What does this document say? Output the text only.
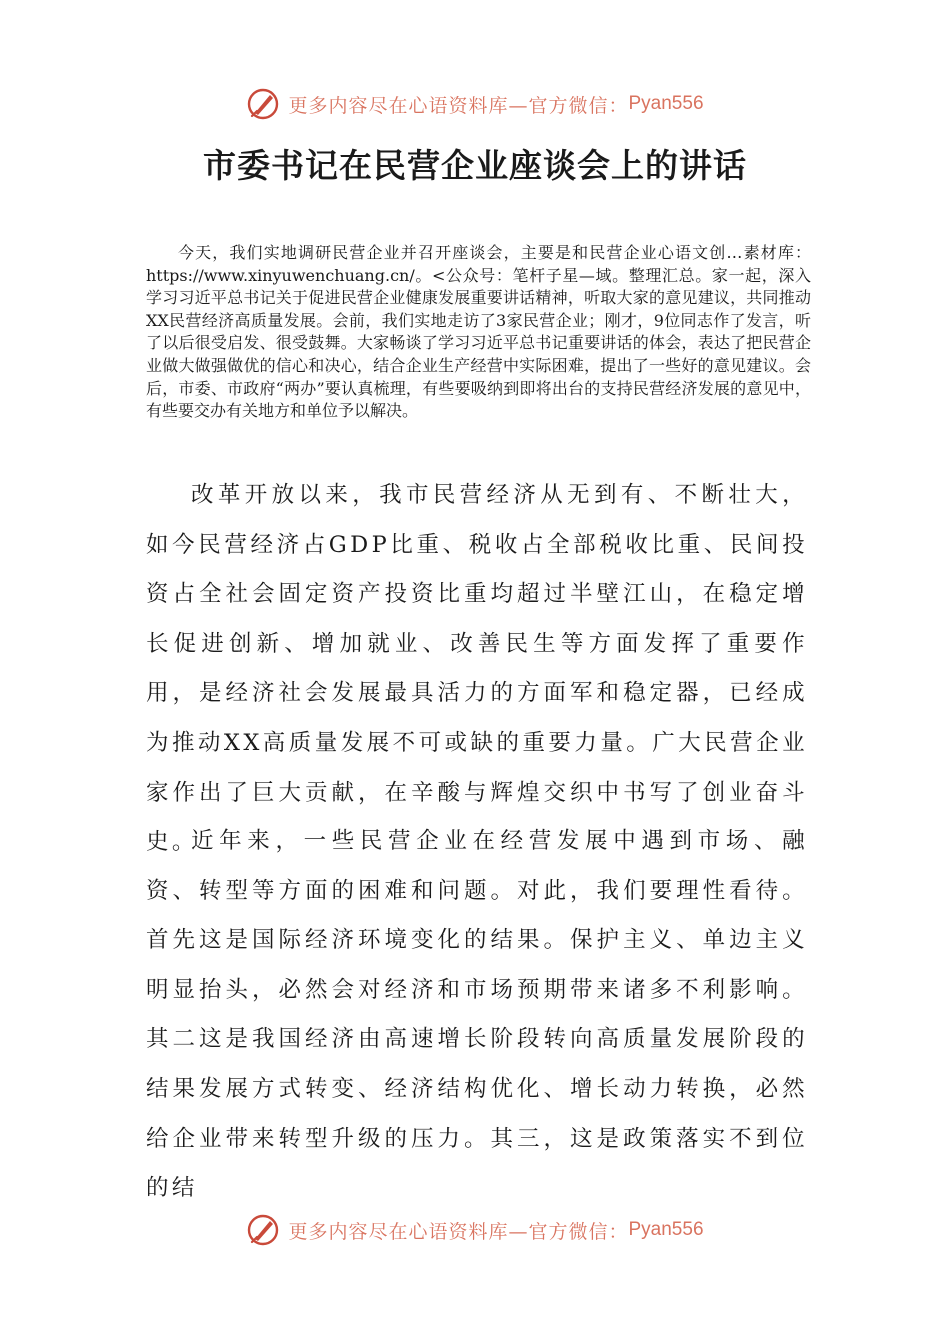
更多内容尽在心语资料库—官方微信： Pyan556
市委书记在民营企业座谈会上的讲话

今天，我们实地调研民营企业并召开座谈会，主要是和民营企业心语文创…素材库：https://www.xinyuwenchuang.cn/。<公众号：笔杆子星—域。整理汇总。家一起，深入学习习近平总书记关于促进民营企业健康发展重要讲话精神，听取大家的意见建议，共同推动XX民营经济高质量发展。会前，我们实地走访了3家民营企业；刚才，9位同志作了发言，听了以后很受启发、很受鼓舞。大家畅谈了学习习近平总书记重要讲话的体会，表达了把民营企业做大做强做优的信心和决心，结合企业生产经营中实际困难，提出了一些好的意见建议。会后，市委、市政府“两办”要认真梳理，有些要吸纳到即将出台的支持民营经济发展的意见中，有些要交办有关地方和单位予以解决。

改革开放以来，我市民营经济从无到有、不断壮大，如今民营经济占GDP比重、税收占全部税收比重、民间投资占全社会固定资产投资比重均超过半壁江山，在稳定增长促进创新、增加就业、改善民生等方面发挥了重要作用，是经济社会发展最具活力的方面军和稳定器，已经成为推动XX高质量发展不可或缺的重要力量。广大民营企业家作出了巨大贡献，在辛酸与辉煌交织中书写了创业奋斗史。

近年来，一些民营企业在经营发展中遇到市场、融资、转型等方面的困难和问题。对此，我们要理性看待。首先这是国际经济环境变化的结果。保护主义、单边主义明显抬头，必然会对经济和市场预期带来诸多不利影响。其二这是我国经济由高速增长阶段转向高质量发展阶段的结果发展方式转变、经济结构优化、增长动力转换，必然给企业带来转型升级的压力。其三，这是政策落实不到位的结

更多内容尽在心语资料库—官方微信： Pyan556
